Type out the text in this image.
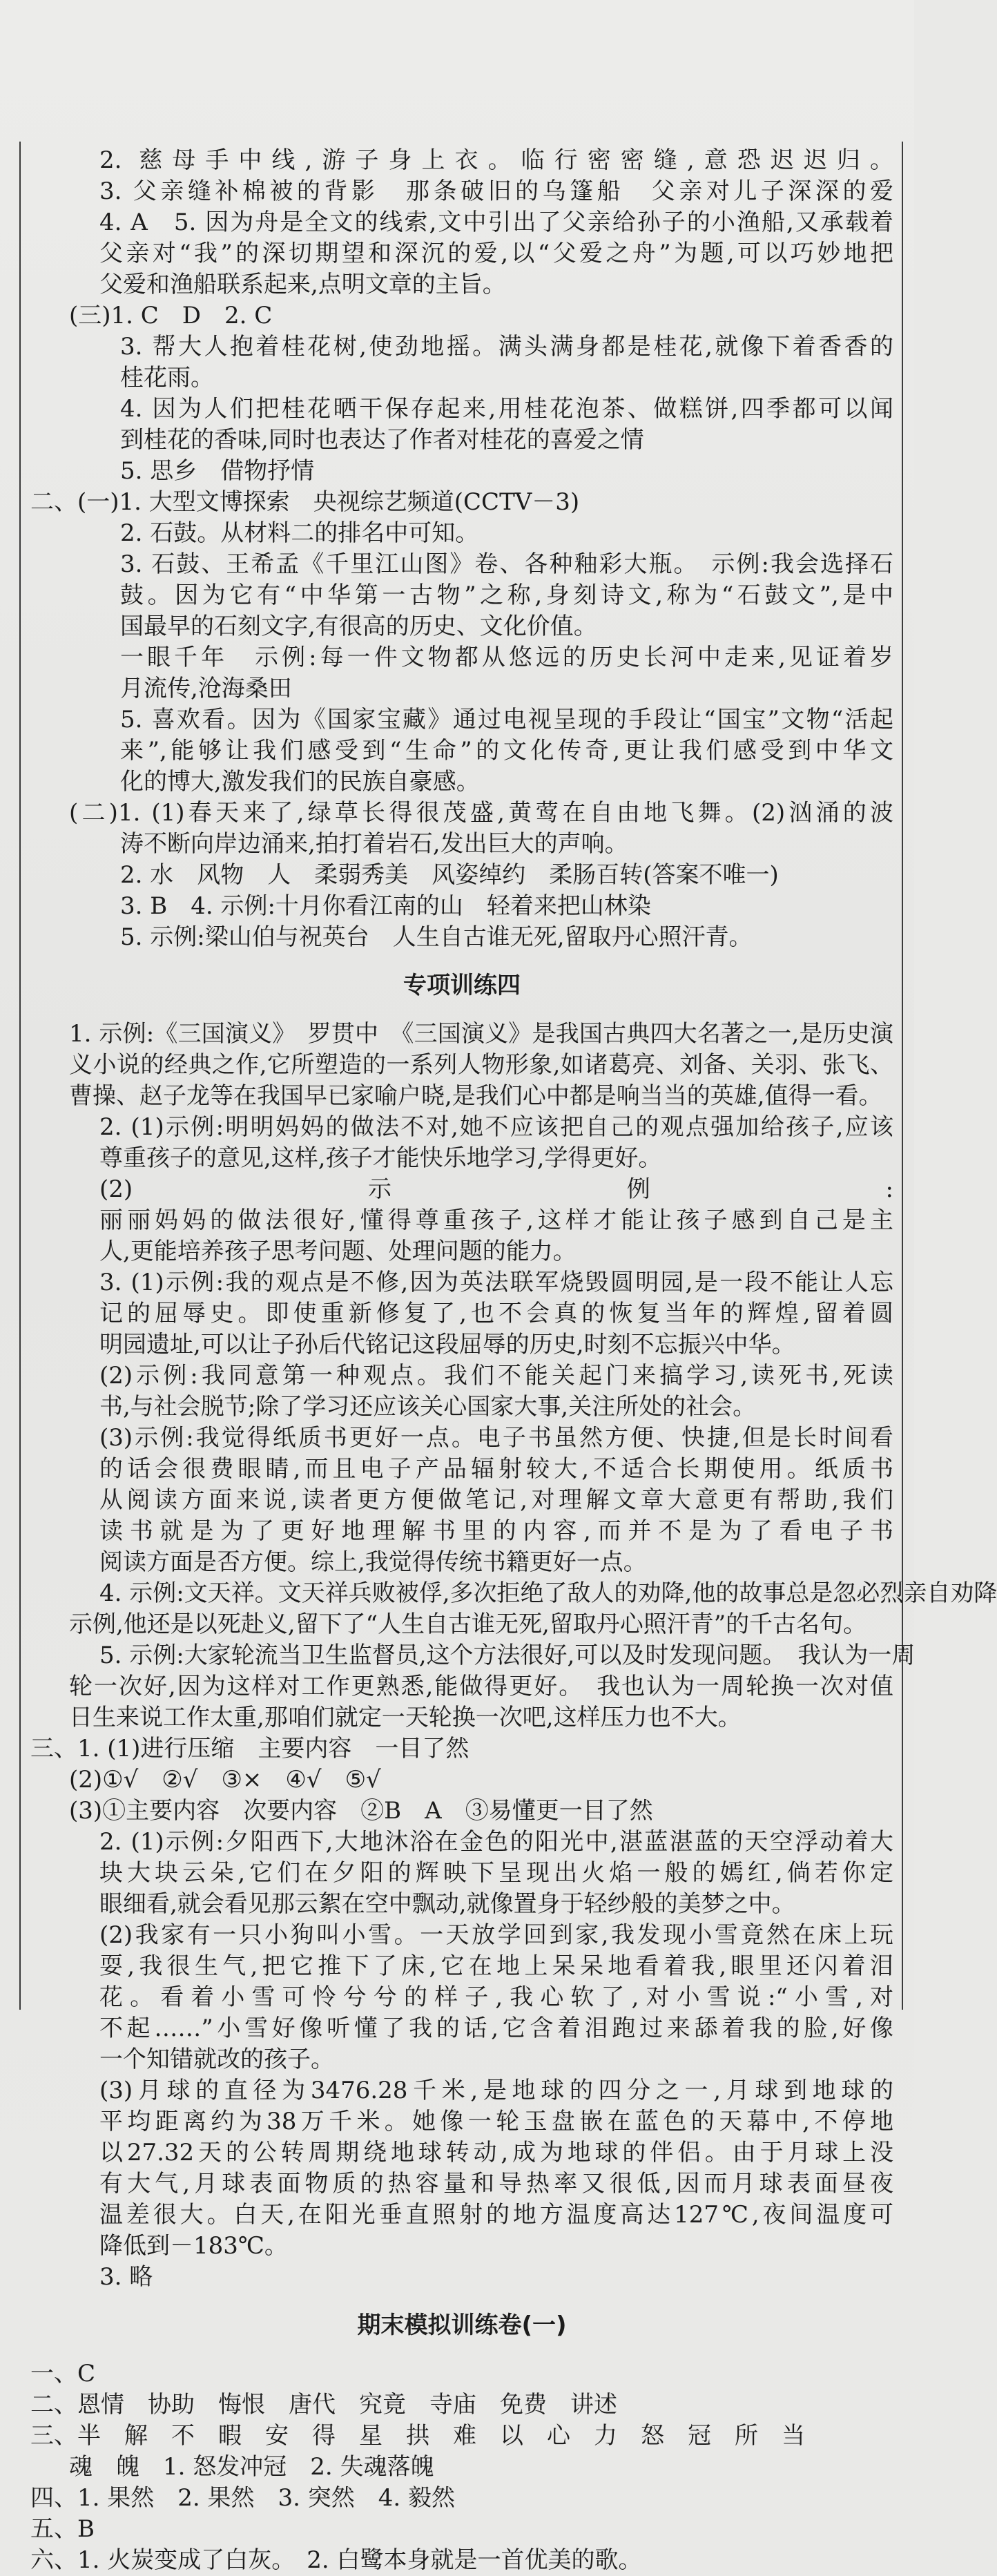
2. 慈母手中线,游子身上衣。临行密密缝,意恐迟迟归。
3. 父亲缝补棉被的背影　那条破旧的乌篷船　父亲对儿子深深的爱
4. A　5. 因为舟是全文的线索,文中引出了父亲给孙子的小渔船,又承载着
父亲对“我”的深切期望和深沉的爱,以“父爱之舟”为题,可以巧妙地把
父爱和渔船联系起来,点明文章的主旨。
(三)1. C　D　2. C
3. 帮大人抱着桂花树,使劲地摇。满头满身都是桂花,就像下着香香的
桂花雨。
4. 因为人们把桂花晒干保存起来,用桂花泡茶、做糕饼,四季都可以闻
到桂花的香味,同时也表达了作者对桂花的喜爱之情
5. 思乡　借物抒情
二、(一)1. 大型文博探索　央视综艺频道(CCTV－3)
2. 石鼓。从材料二的排名中可知。
3. 石鼓、王希孟《千里江山图》卷、各种釉彩大瓶。　示例:我会选择石
鼓。因为它有“中华第一古物”之称,身刻诗文,称为“石鼓文”,是中
国最早的石刻文字,有很高的历史、文化价值。
一眼千年　示例:每一件文物都从悠远的历史长河中走来,见证着岁
月流传,沧海桑田
5. 喜欢看。因为《国家宝藏》通过电视呈现的手段让“国宝”文物“活起
来”,能够让我们感受到“生命”的文化传奇,更让我们感受到中华文
化的博大,激发我们的民族自豪感。
(二)1. (1)春天来了,绿草长得很茂盛,黄莺在自由地飞舞。(2)汹涌的波
涛不断向岸边涌来,拍打着岩石,发出巨大的声响。
2. 水　风物　人　柔弱秀美　风姿绰约　柔肠百转(答案不唯一)
3. B　4. 示例:十月你看江南的山　轻着来把山林染
5. 示例:梁山伯与祝英台　人生自古谁无死,留取丹心照汗青。
专项训练四
1. 示例:《三国演义》　罗贯中　《三国演义》是我国古典四大名著之一,是历史演
义小说的经典之作,它所塑造的一系列人物形象,如诸葛亮、刘备、关羽、张飞、
曹操、赵子龙等在我国早已家喻户晓,是我们心中都是响当当的英雄,值得一看。
2. (1)示例:明明妈妈的做法不对,她不应该把自己的观点强加给孩子,应该
尊重孩子的意见,这样,孩子才能快乐地学习,学得更好。
(2)示例:
丽丽妈妈的做法很好,懂得尊重孩子,这样才能让孩子感到自己是主
人,更能培养孩子思考问题、处理问题的能力。
3. (1)示例:我的观点是不修,因为英法联军烧毁圆明园,是一段不能让人忘
记的屈辱史。即使重新修复了,也不会真的恢复当年的辉煌,留着圆
明园遗址,可以让子孙后代铭记这段屈辱的历史,时刻不忘振兴中华。
(2)示例:我同意第一种观点。我们不能关起门来搞学习,读死书,死读
书,与社会脱节;除了学习还应该关心国家大事,关注所处的社会。
(3)示例:我觉得纸质书更好一点。电子书虽然方便、快捷,但是长时间看
的话会很费眼睛,而且电子产品辐射较大,不适合长期使用。纸质书
从阅读方面来说,读者更方便做笔记,对理解文章大意更有帮助,我们
读书就是为了更好地理解书里的内容,而并不是为了看电子书
阅读方面是否方便。综上,我觉得传统书籍更好一点。
4. 示例:文天祥。文天祥兵败被俘,多次拒绝了敌人的劝降,他的故事总是忽必烈亲自劝降
示例,他还是以死赴义,留下了“人生自古谁无死,留取丹心照汗青”的千古名句。
5. 示例:大家轮流当卫生监督员,这个方法很好,可以及时发现问题。　我认为一周
轮一次好,因为这样对工作更熟悉,能做得更好。　我也认为一周轮换一次对值
日生来说工作太重,那咱们就定一天轮换一次吧,这样压力也不大。
三、1. (1)进行压缩　主要内容　一目了然
(2)①√　②√　③×　④√　⑤√
(3)①主要内容　次要内容　②B　A　③易懂更一目了然
2. (1)示例:夕阳西下,大地沐浴在金色的阳光中,湛蓝湛蓝的天空浮动着大
块大块云朵,它们在夕阳的辉映下呈现出火焰一般的嫣红,倘若你定
眼细看,就会看见那云絮在空中飘动,就像置身于轻纱般的美梦之中。
(2)我家有一只小狗叫小雪。一天放学回到家,我发现小雪竟然在床上玩
耍,我很生气,把它推下了床,它在地上呆呆地看着我,眼里还闪着泪
花。看着小雪可怜兮兮的样子,我心软了,对小雪说:“小雪,对
不起……”小雪好像听懂了我的话,它含着泪跑过来舔着我的脸,好像
一个知错就改的孩子。
(3)月球的直径为3476.28千米,是地球的四分之一,月球到地球的
平均距离约为38万千米。她像一轮玉盘嵌在蓝色的天幕中,不停地
以27.32天的公转周期绕地球转动,成为地球的伴侣。由于月球上没
有大气,月球表面物质的热容量和导热率又很低,因而月球表面昼夜
温差很大。白天,在阳光垂直照射的地方温度高达127℃,夜间温度可
降低到－183℃。
3. 略
期末模拟训练卷(一)
一、C
二、恩情　协助　悔恨　唐代　究竟　寺庙　免费　讲述
三、半　解　不　暇　安　得　星　拱　难　以　心　力　怒　冠　所　当
魂　魄　1. 怒发冲冠　2. 失魂落魄
四、1. 果然　2. 果然　3. 突然　4. 毅然
五、B
六、1. 火炭变成了白灰。　2. 白鹭本身就是一首优美的歌。
